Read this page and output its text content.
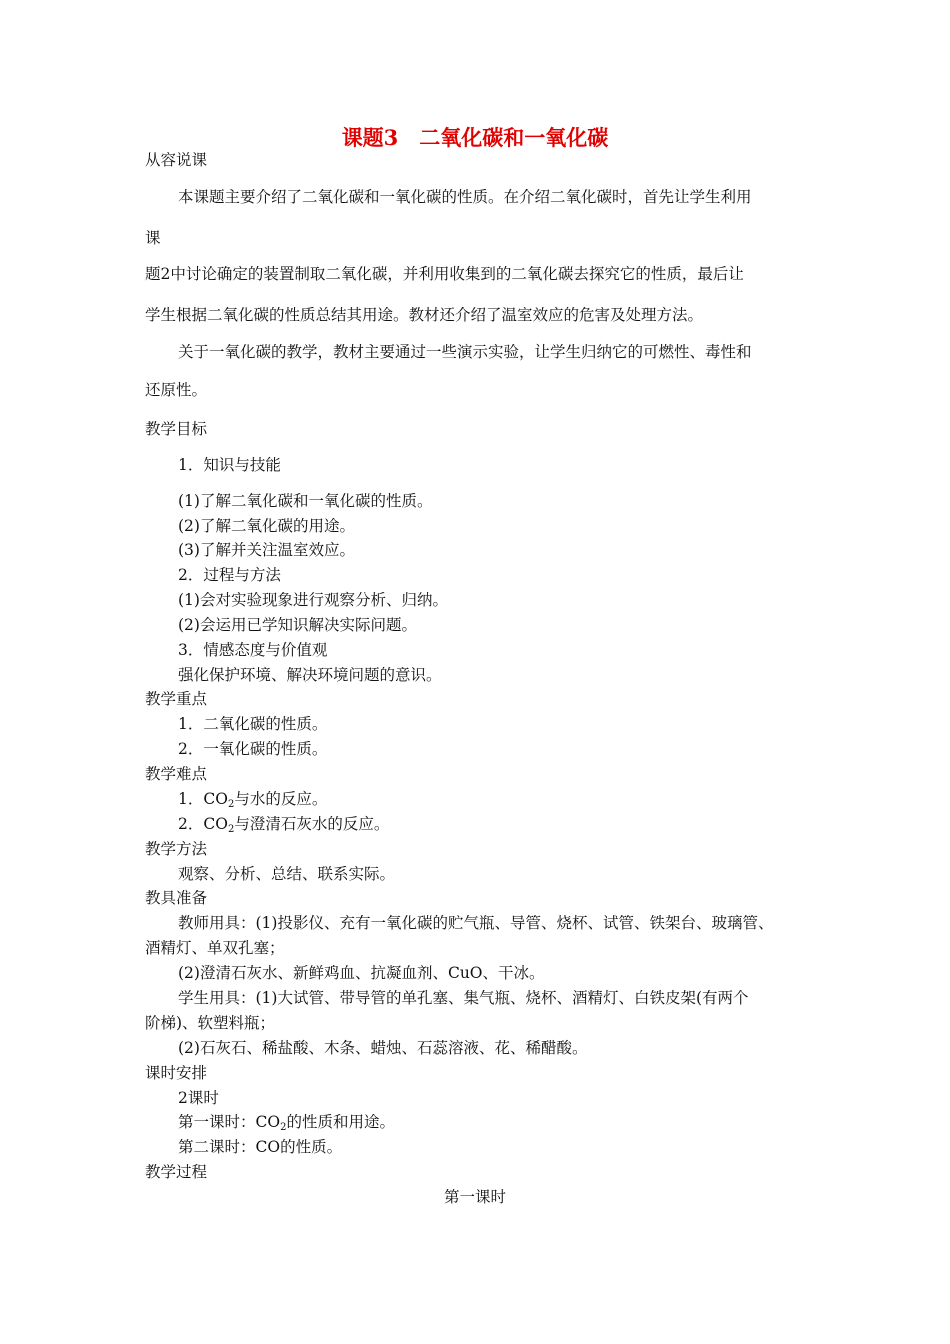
课题3　二氧化碳和一氧化碳
从容说课
本课题主要介绍了二氧化碳和一氧化碳的性质。在介绍二氧化碳时，首先让学生利用
课
题2中讨论确定的装置制取二氧化碳，并利用收集到的二氧化碳去探究它的性质，最后让
学生根据二氧化碳的性质总结其用途。教材还介绍了温室效应的危害及处理方法。
关于一氧化碳的教学，教材主要通过一些演示实验，让学生归纳它的可燃性、毒性和
还原性。
教学目标
1．知识与技能
(1)了解二氧化碳和一氧化碳的性质。
(2)了解二氧化碳的用途。
(3)了解并关注温室效应。
2．过程与方法
(1)会对实验现象进行观察分析、归纳。
(2)会运用已学知识解决实际问题。
3．情感态度与价值观
强化保护环境、解决环境问题的意识。
教学重点
1．二氧化碳的性质。
2．一氧化碳的性质。
教学难点
1．CO2与水的反应。
2．CO2与澄清石灰水的反应。
教学方法
观察、分析、总结、联系实际。
教具准备
教师用具：(1)投影仪、充有一氧化碳的贮气瓶、导管、烧杯、试管、铁架台、玻璃管、
酒精灯、单双孔塞；
(2)澄清石灰水、新鲜鸡血、抗凝血剂、CuO、干冰。
学生用具：(1)大试管、带导管的单孔塞、集气瓶、烧杯、酒精灯、白铁皮架(有两个
阶梯)、软塑料瓶；
(2)石灰石、稀盐酸、木条、蜡烛、石蕊溶液、花、稀醋酸。
课时安排
2课时
第一课时：CO2的性质和用途。
第二课时：CO的性质。
教学过程
第一课时
